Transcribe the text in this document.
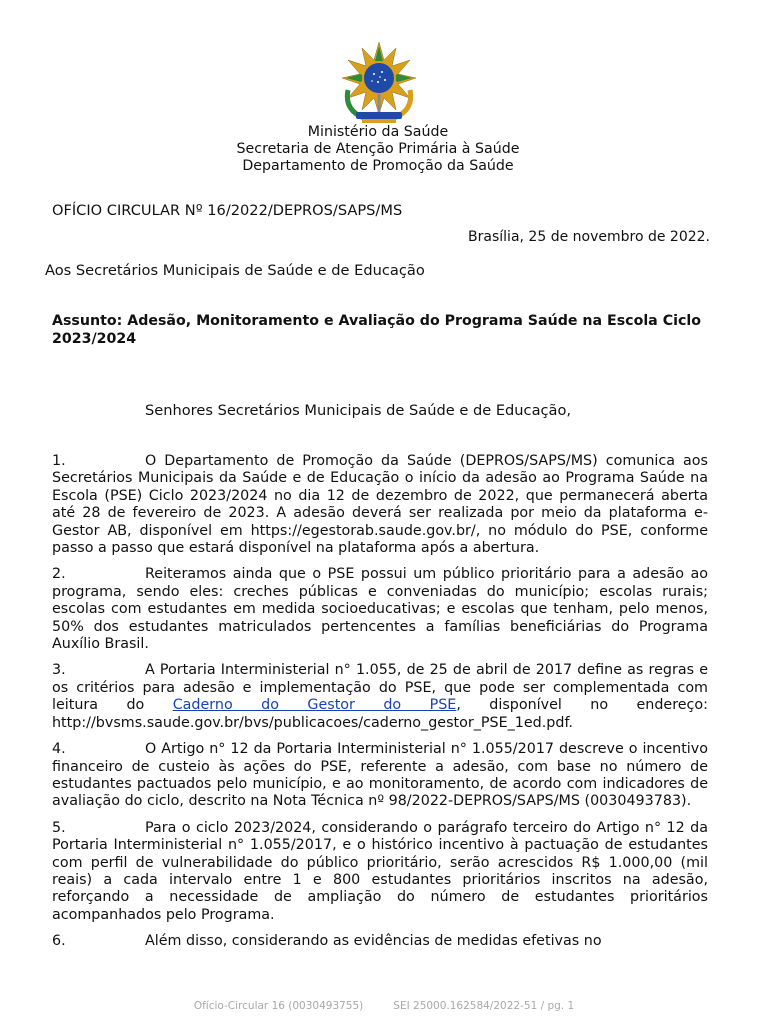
Ministério da Saúde
Secretaria de Atenção Primária à Saúde
Departamento de Promoção da Saúde
OFÍCIO CIRCULAR Nº 16/2022/DEPROS/SAPS/MS
Brasília, 25 de novembro de 2022.
Aos Secretários Municipais de Saúde e de Educação
Assunto: Adesão, Monitoramento e Avaliação do Programa Saúde na Escola Ciclo 2023/2024
Senhores Secretários Municipais de Saúde e de Educação,

1.	O Departamento de Promoção da Saúde (DEPROS/SAPS/MS) comunica aos Secretários Municipais da Saúde e de Educação o início da adesão ao Programa Saúde na Escola (PSE) Ciclo 2023/2024 no dia 12 de dezembro de 2022, que permanecerá aberta até 28 de fevereiro de 2023. A adesão deverá ser realizada por meio da plataforma e-Gestor AB, disponível em https://egestorab.saude.gov.br/, no módulo do PSE, conforme passo a passo que estará disponível na plataforma após a abertura.

2.	Reiteramos ainda que o PSE possui um público prioritário para a adesão ao programa, sendo eles: creches públicas e conveniadas do município; escolas rurais; escolas com estudantes em medida socioeducativas; e escolas que tenham, pelo menos, 50% dos estudantes matriculados pertencentes a famílias beneficiárias do Programa Auxílio Brasil.

3.	A Portaria Interministerial n° 1.055, de 25 de abril de 2017 define as regras e os critérios para adesão e implementação do PSE, que pode ser complementada com leitura do Caderno do Gestor do PSE, disponível no endereço: http://bvsms.saude.gov.br/bvs/publicacoes/caderno_gestor_PSE_1ed.pdf.

4.	O Artigo n° 12 da Portaria Interministerial n° 1.055/2017 descreve o incentivo financeiro de custeio às ações do PSE, referente a adesão, com base no número de estudantes pactuados pelo município, e ao monitoramento, de acordo com indicadores de avaliação do ciclo, descrito na Nota Técnica nº 98/2022-DEPROS/SAPS/MS (0030493783).

5.	Para o ciclo 2023/2024, considerando o parágrafo terceiro do Artigo n° 12 da Portaria Interministerial n° 1.055/2017, e o histórico incentivo à pactuação de estudantes com perfil de vulnerabilidade do público prioritário, serão acrescidos R$ 1.000,00 (mil reais) a cada intervalo entre 1 e 800 estudantes prioritários inscritos na adesão, reforçando a necessidade de ampliação do número de estudantes prioritários acompanhados pelo Programa.

6.	Além disso, considerando as evidências de medidas efetivas no

Ofício-Circular 16 (0030493755)	SEI 25000.162584/2022-51 / pg. 1
